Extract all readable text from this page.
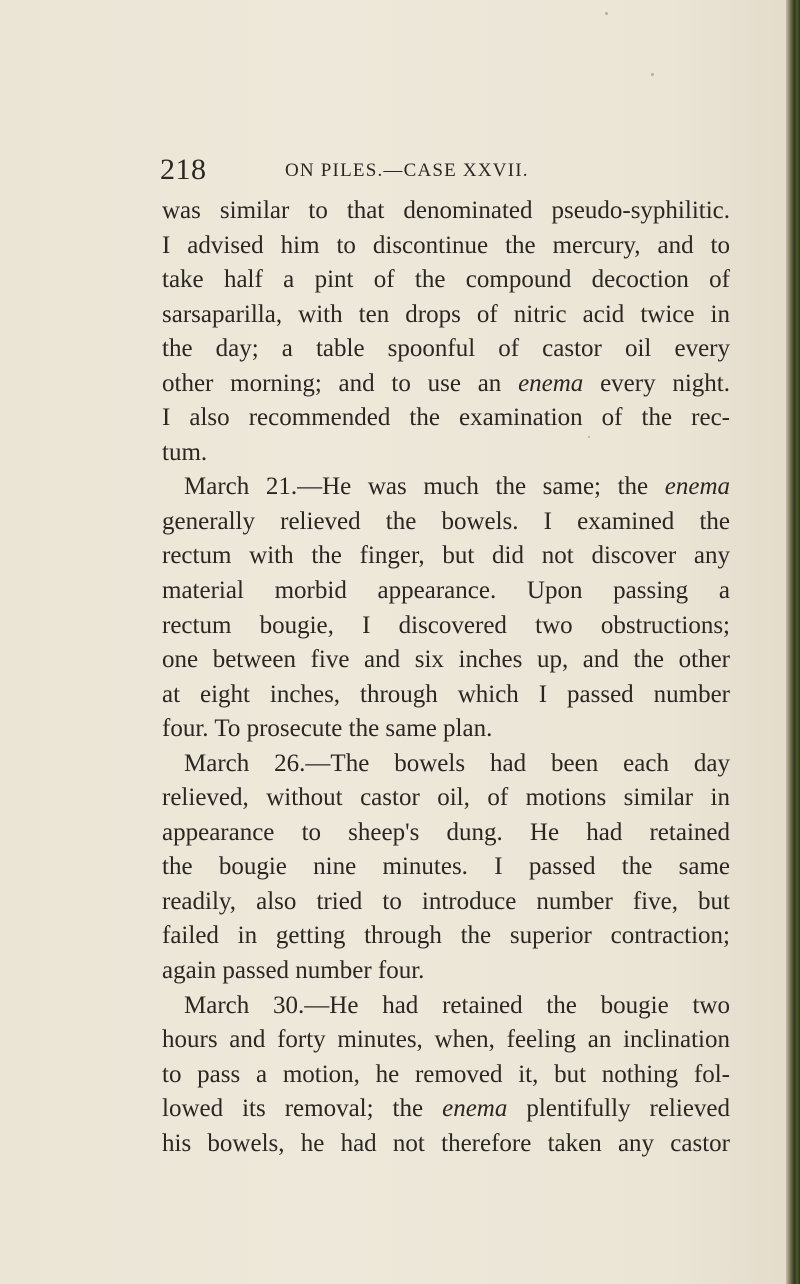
218	ON PILES.—CASE XXVII.
was similar to that denominated pseudo-syphilitic.
I advised him to discontinue the mercury, and to
take half a pint of the compound decoction of
sarsaparilla, with ten drops of nitric acid twice in
the day; a table spoonful of castor oil every
other morning; and to use an enema every night.
I also recommended the examination of the rec-
tum.
March 21.—He was much the same; the enema
generally relieved the bowels. I examined the
rectum with the finger, but did not discover any
material morbid appearance. Upon passing a
rectum bougie, I discovered two obstructions;
one between five and six inches up, and the other
at eight inches, through which I passed number
four. To prosecute the same plan.
March 26.—The bowels had been each day
relieved, without castor oil, of motions similar in
appearance to sheep's dung. He had retained
the bougie nine minutes. I passed the same
readily, also tried to introduce number five, but
failed in getting through the superior contraction;
again passed number four.
March 30.—He had retained the bougie two
hours and forty minutes, when, feeling an inclination
to pass a motion, he removed it, but nothing fol-
lowed its removal; the enema plentifully relieved
his bowels, he had not therefore taken any castor
